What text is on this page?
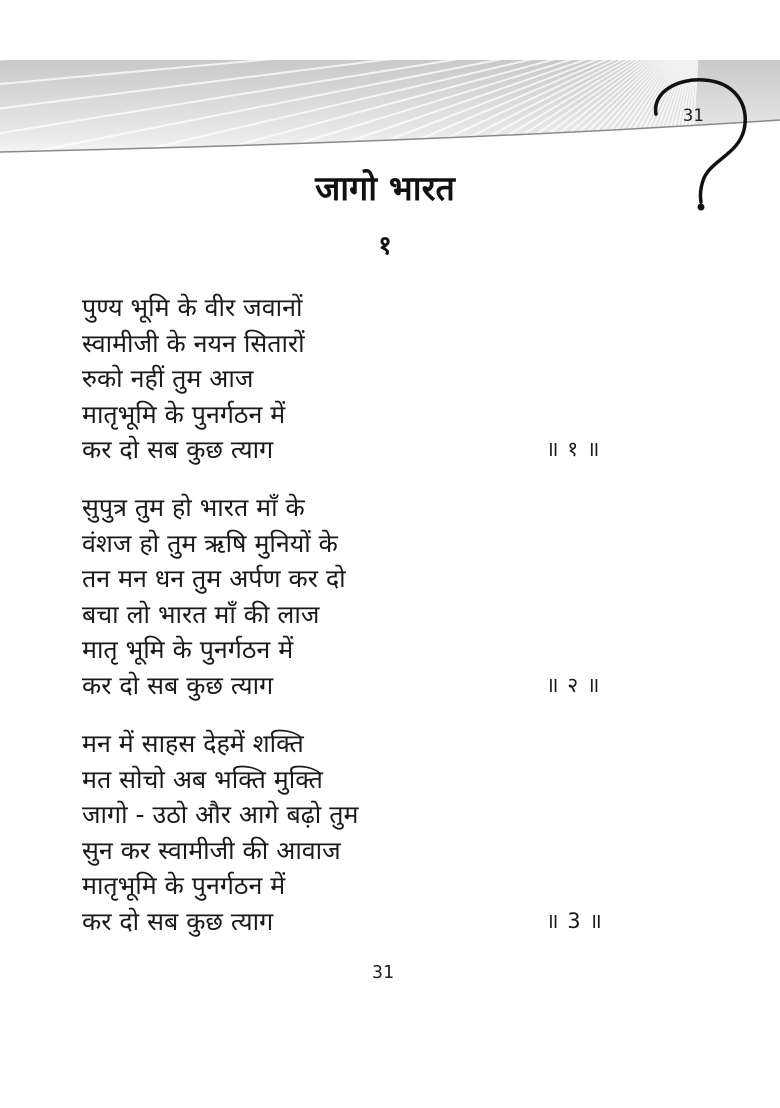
31
जागो भारत
१
पुण्य भूमि के वीर जवानों
स्वामीजी के नयन सितारों
रुको नहीं तुम आज
मातृभूमि के पुनर्गठन में
कर दो सब कुछ त्याग	॥ १ ॥
सुपुत्र तुम हो भारत माँ के
वंशज हो तुम ऋषि मुनियों के
तन मन धन तुम अर्पण कर दो
बचा लो भारत माँ की लाज
मातृ भूमि के पुनर्गठन में
कर दो सब कुछ त्याग	॥ २ ॥
मन में साहस देहमें शक्ति
मत सोचो अब भक्ति मुक्ति
जागो - उठो और आगे बढ़ो तुम
सुन कर स्वामीजी की आवाज
मातृभूमि के पुनर्गठन में
कर दो सब कुछ त्याग	॥ 3 ॥
31
